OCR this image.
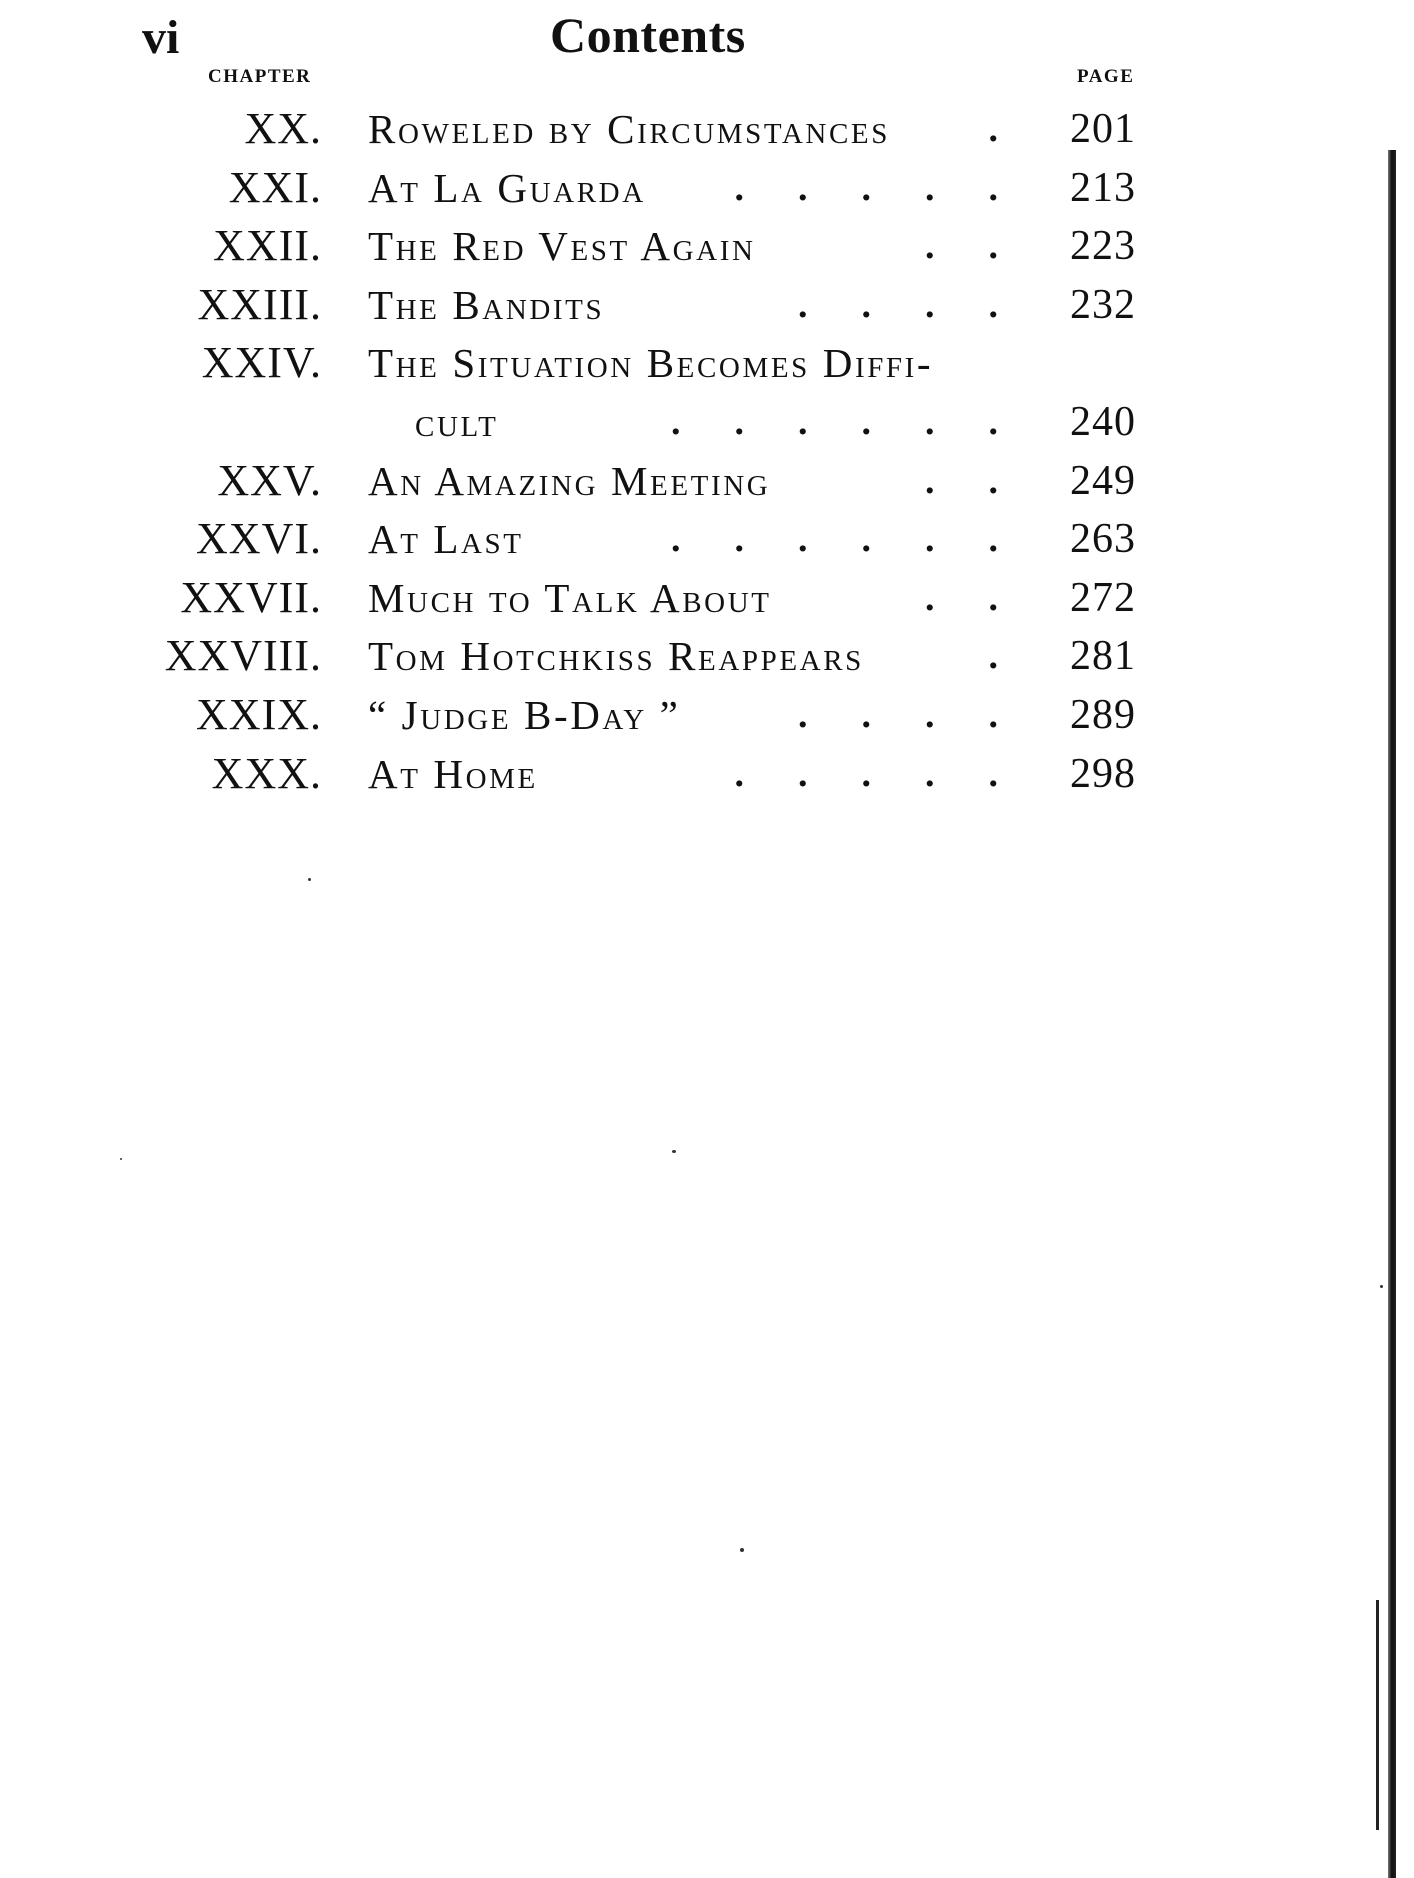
vi	Contents
CHAPTER	PAGE
XX. Roweled by Circumstances	. 201
XXI. At La Guarda . . . . . 213
XXII. The Red Vest Again	. . 223
XXIII. The Bandits	. . . . 232
XXIV. The Situation Becomes Diffi-
cult	. . . . . . 240
XXV. An Amazing Meeting	. . 249
XXVI. At Last	. . . . . . 263
XXVII. Much to Talk About	. . 272
XXVIII. Tom Hotchkiss Reappears	. 281
XXIX. “ Judge B-Day ”	. . . . 289
XXX. At Home	. . . . . 298
